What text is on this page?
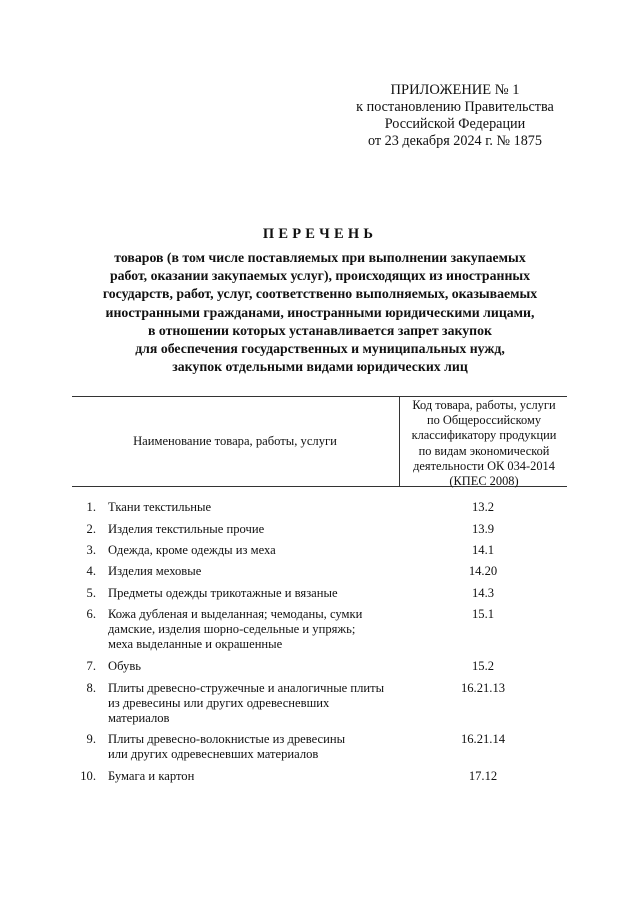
ПРИЛОЖЕНИЕ № 1
к постановлению Правительства
Российской Федерации
от 23 декабря 2024 г. № 1875
ПЕРЕЧЕНЬ
товаров (в том числе поставляемых при выполнении закупаемых
работ, оказании закупаемых услуг), происходящих из иностранных
государств, работ, услуг, соответственно выполняемых, оказываемых
иностранными гражданами, иностранными юридическими лицами,
в отношении которых устанавливается запрет закупок
для обеспечения государственных и муниципальных нужд,
закупок отдельными видами юридических лиц
Наименование товара, работы, услуги
Код товара, работы, услуги
по Общероссийскому
классификатору продукции
по видам экономической
деятельности ОК 034-2014
(КПЕС 2008)
1. Ткани текстильные	13.2
2. Изделия текстильные прочие	13.9
3. Одежда, кроме одежды из меха	14.1
4. Изделия меховые	14.20
5. Предметы одежды трикотажные и вязаные	14.3
6. Кожа дубленая и выделанная; чемоданы, сумки
дамские, изделия шорно-седельные и упряжь;
меха выделанные и окрашенные
15.1
7. Обувь	15.2
8. Плиты древесно-стружечные и аналогичные плиты
из древесины или других одревесневших
материалов
16.21.13
9. Плиты древесно-волокнистые из древесины
или других одревесневших материалов
16.21.14
10. Бумага и картон	17.12
